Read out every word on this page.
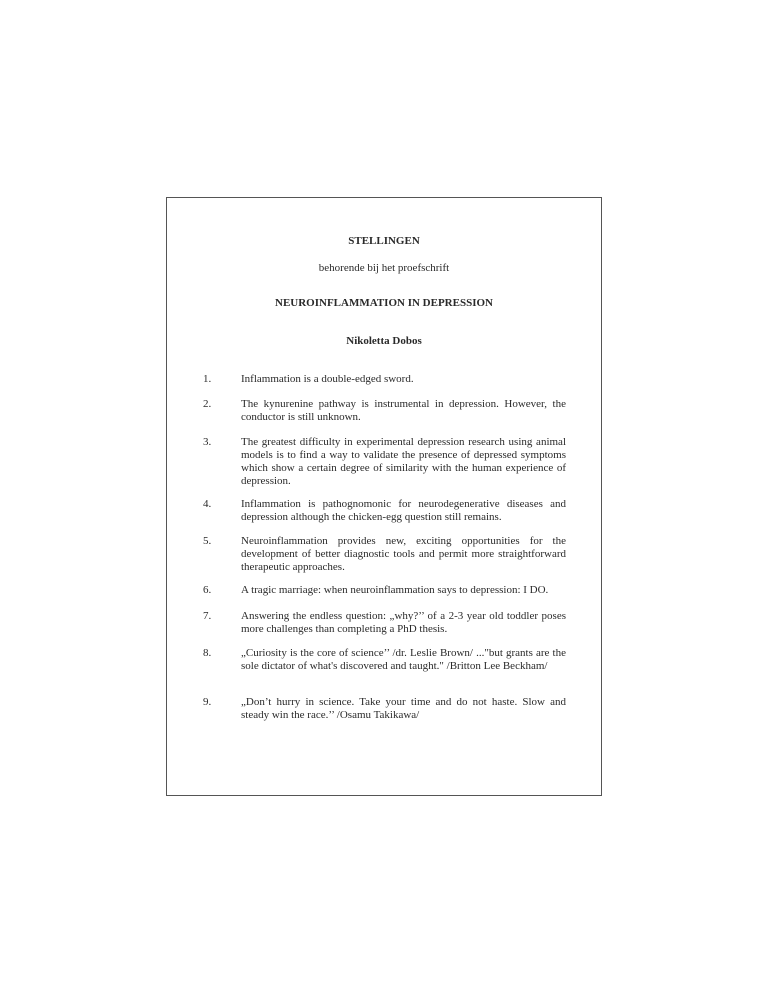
STELLINGEN
behorende bij het proefschrift
NEUROINFLAMMATION IN DEPRESSION
Nikoletta Dobos
1.	Inflammation is a double-edged sword.
2.	The kynurenine pathway is instrumental in depression. However, the conductor is still unknown.
3.	The greatest difficulty in experimental depression research using animal models is to find a way to validate the presence of depressed symptoms which show a certain degree of similarity with the human experience of depression.
4.	Inflammation is pathognomonic for neurodegenerative diseases and depression although the chicken-egg question still remains.
5.	Neuroinflammation provides new, exciting opportunities for the development of better diagnostic tools and permit more straightforward therapeutic approaches.
6.	A tragic marriage: when neuroinflammation says to depression: I DO.
7.	Answering the endless question: „why?’’ of a 2-3 year old toddler poses more challenges than completing a PhD thesis.
8.	„Curiosity is the core of science’’ /dr. Leslie Brown/ ..."but grants are the sole dictator of what's discovered and taught." /Britton Lee Beckham/
9.	„Don’t hurry in science. Take your time and do not haste. Slow and steady win the race.’’ /Osamu Takikawa/
